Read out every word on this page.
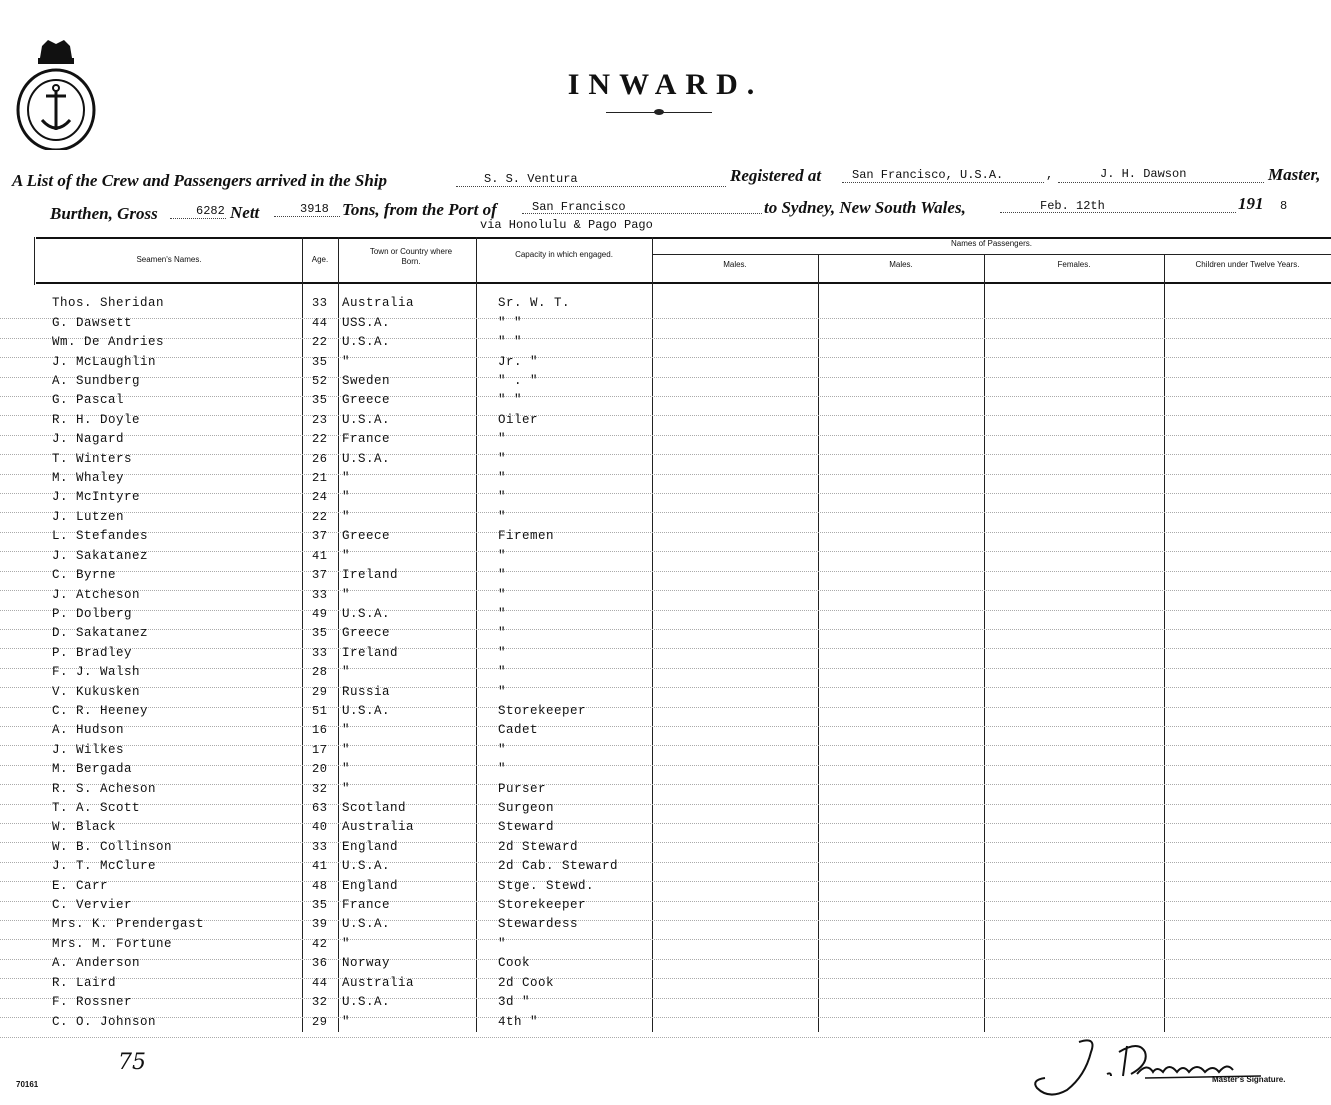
INWARD.
A List of the Crew and Passengers arrived in the Ship	S. S. Ventura	Registered at	San Francisco, U.S.A.	,	J. H. Dawson	Master,
Burthen, Gross	6282 Nett	3918 Tons, from the Port of	San Francisco
via Honolulu & Pago Pago
to Sydney, New South Wales,	Feb. 12th	191 8
Seamen's Names.	Age.
Town or Country where Born.
Capacity in which engaged.
Names of Passengers.
Males.	Males.	Females.	Children under Twelve Years.
Thos. Sheridan	33 Australia	Sr. W. T.
G. Dawsett	44 USS.A.	" "
Wm. De Andries	22 U.S.A.	" "
J. McLaughlin	35 "	Jr. "
A. Sundberg	52 Sweden	" . "
G. Pascal	35 Greece	" "
R. H. Doyle	23 U.S.A.	Oiler
J. Nagard	22 France	"
T. Winters	26 U.S.A.	"
M. Whaley	21 "	"
J. McIntyre	24 "	"
J. Lutzen	22 "	"
L. Stefandes	37 Greece	Firemen
J. Sakatanez	41 "	"
C. Byrne	37 Ireland	"
J. Atcheson	33 "	"
P. Dolberg	49 U.S.A.	"
D. Sakatanez	35 Greece	"
P. Bradley	33 Ireland	"
F. J. Walsh	28 "	"
V. Kukusken	29 Russia	"
C. R. Heeney	51 U.S.A.	Storekeeper
A. Hudson	16 "	Cadet
J. Wilkes	17 "	"
M. Bergada	20 "	"
R. S. Acheson	32 "	Purser
T. A. Scott	63 Scotland	Surgeon
W. Black	40 Australia	Steward
W. B. Collinson	33 England	2d Steward
J. T. McClure	41 U.S.A.	2d Cab. Steward
E. Carr	48 England	Stge. Stewd.
C. Vervier	35 France	Storekeeper
Mrs. K. Prendergast	39 U.S.A.	Stewardess
Mrs. M. Fortune	42 "	"
A. Anderson	36 Norway	Cook
R. Laird	44 Australia	2d Cook
F. Rossner	32 U.S.A.	3d "
C. O. Johnson	29 "	4th "
70161
75
Master's Signature.
